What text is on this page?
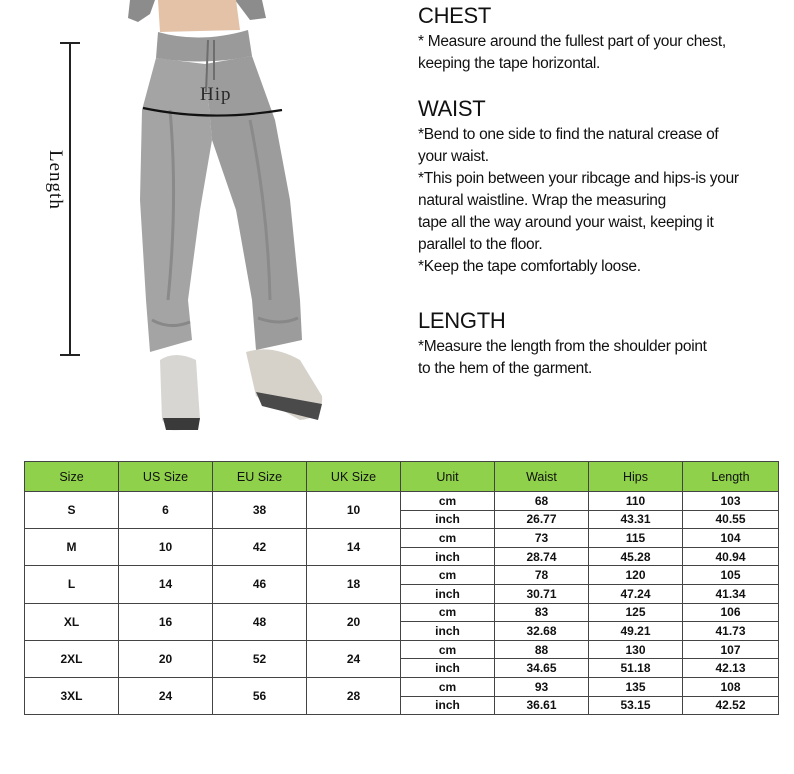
Length
Hip
CHEST

* Measure around the fullest part of your chest,

keeping the tape horizontal.

WAIST

*Bend to one side to find the natural crease of

your waist.

*This poin between your ribcage and hips-is your

natural waistline. Wrap the measuring

tape all the way around your waist, keeping it

parallel to the floor.

*Keep the tape comfortably loose.

LENGTH

*Measure the length from the shoulder point

to the hem of the garment.

Size	US Size	EU Size	UK Size	Unit	Waist	Hips	Length
S	6	38	10	cm	68	110	103
				inch	26.77	43.31	40.55
M	10	42	14	cm	73	115	104
				inch	28.74	45.28	40.94
L	14	46	18	cm	78	120	105
				inch	30.71	47.24	41.34
XL	16	48	20	cm	83	125	106
				inch	32.68	49.21	41.73
2XL	20	52	24	cm	88	130	107
				inch	34.65	51.18	42.13
3XL	24	56	28	cm	93	135	108
				inch	36.61	53.15	42.52
